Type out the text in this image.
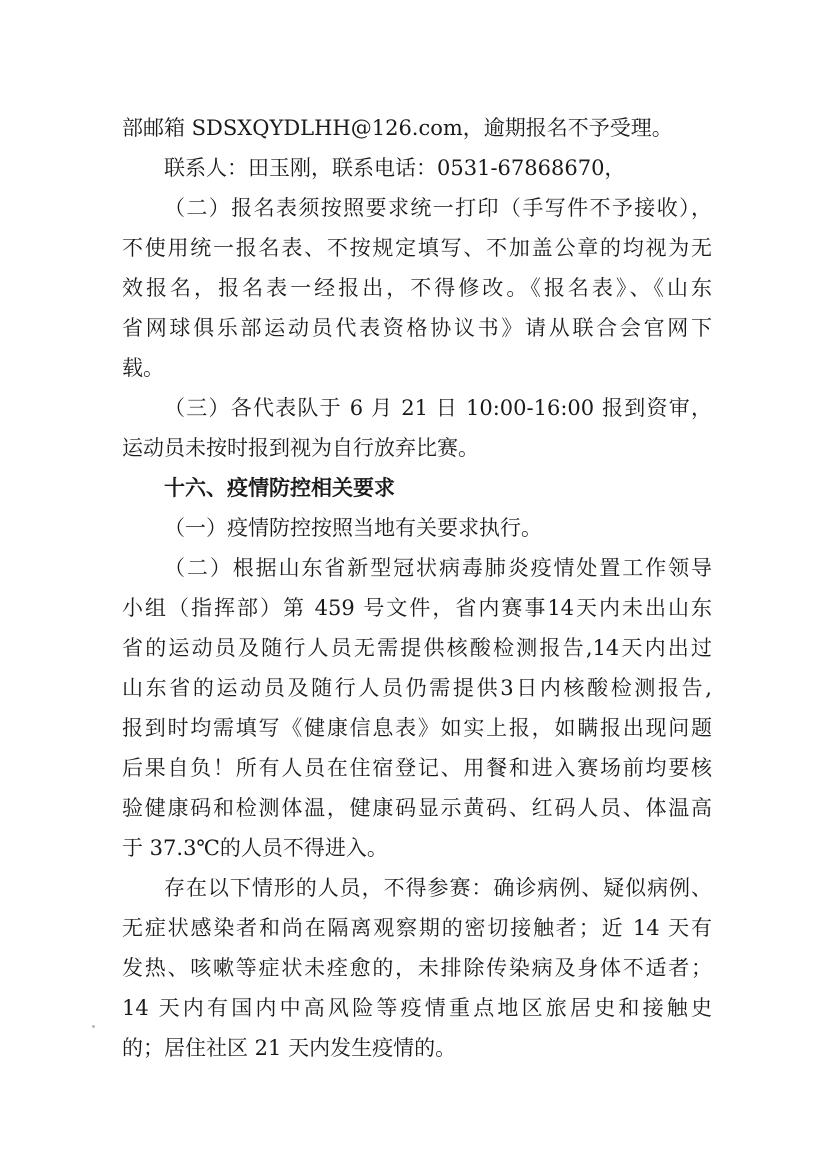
部邮箱 SDSXQYDLHH@126.com，逾期报名不予受理。
联系人：田玉刚，联系电话：0531-67868670，
（二）报名表须按照要求统一打印（手写件不予接收），
不使用统一报名表、不按规定填写、不加盖公章的均视为无
效报名，报名表一经报出，不得修改。《报名表》、《山东
省网球俱乐部运动员代表资格协议书》请从联合会官网下
载。
（三）各代表队于 6 月 21 日 10:00-16:00 报到资审，
运动员未按时报到视为自行放弃比赛。
十六、疫情防控相关要求
（一）疫情防控按照当地有关要求执行。
（二）根据山东省新型冠状病毒肺炎疫情处置工作领导
小组（指挥部）第 459 号文件，省内赛事14天内未出山东
省的运动员及随行人员无需提供核酸检测报告,14天内出过
山东省的运动员及随行人员仍需提供3日内核酸检测报告,
报到时均需填写《健康信息表》如实上报，如瞒报出现问题
后果自负！所有人员在住宿登记、用餐和进入赛场前均要核
验健康码和检测体温，健康码显示黄码、红码人员、体温高
于 37.3℃的人员不得进入。
存在以下情形的人员，不得参赛：确诊病例、疑似病例、
无症状感染者和尚在隔离观察期的密切接触者；近 14 天有
发热、咳嗽等症状未痊愈的，未排除传染病及身体不适者；
14 天内有国内中高风险等疫情重点地区旅居史和接触史
的；居住社区 21 天内发生疫情的。
